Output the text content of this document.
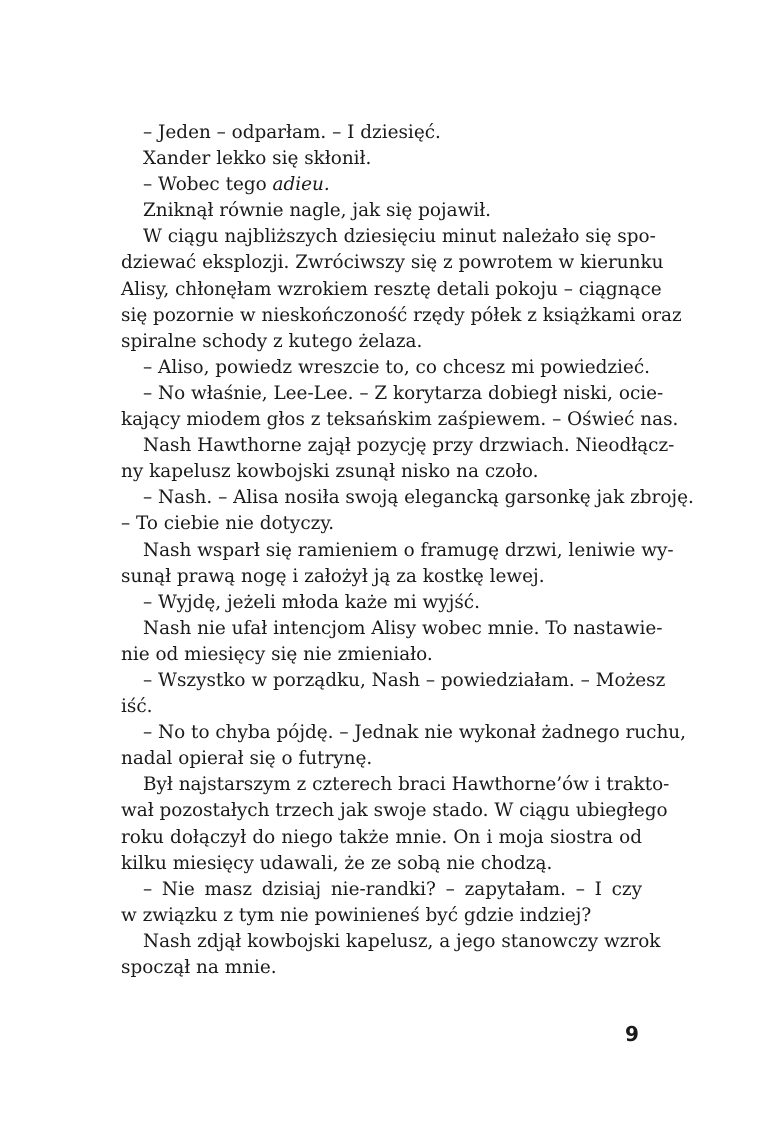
– Jeden – odparłam. – I dziesięć.
Xander lekko się skłonił.
– Wobec tego adieu.
Zniknął równie nagle, jak się pojawił.
W ciągu najbliższych dziesięciu minut należało się spo-
dziewać eksplozji. Zwróciwszy się z powrotem w kierunku
Alisy, chłonęłam wzrokiem resztę detali pokoju – ciągnące
się pozornie w nieskończoność rzędy półek z książkami oraz
spiralne schody z kutego żelaza.
– Aliso, powiedz wreszcie to, co chcesz mi powiedzieć.
– No właśnie, Lee-Lee. – Z korytarza dobiegł niski, ocie-
kający miodem głos z teksańskim zaśpiewem. – Oświeć nas.
Nash Hawthorne zajął pozycję przy drzwiach. Nieodłącz-
ny kapelusz kowbojski zsunął nisko na czoło.
– Nash. – Alisa nosiła swoją elegancką garsonkę jak zbroję.
– To ciebie nie dotyczy.
Nash wsparł się ramieniem o framugę drzwi, leniwie wy-
sunął prawą nogę i założył ją za kostkę lewej.
– Wyjdę, jeżeli młoda każe mi wyjść.
Nash nie ufał intencjom Alisy wobec mnie. To nastawie-
nie od miesięcy się nie zmieniało.
– Wszystko w porządku, Nash – powiedziałam. – Możesz
iść.
– No to chyba pójdę. – Jednak nie wykonał żadnego ruchu,
nadal opierał się o futrynę.
Był najstarszym z czterech braci Hawthorne’ów i trakto-
wał pozostałych trzech jak swoje stado. W ciągu ubiegłego
roku dołączył do niego także mnie. On i moja siostra od
kilku miesięcy udawali, że ze sobą nie chodzą.
– Nie masz dzisiaj nie-randki? – zapytałam. – I czy
w związku z tym nie powinieneś być gdzie indziej?
Nash zdjął kowbojski kapelusz, a jego stanowczy wzrok
spoczął na mnie.
9
